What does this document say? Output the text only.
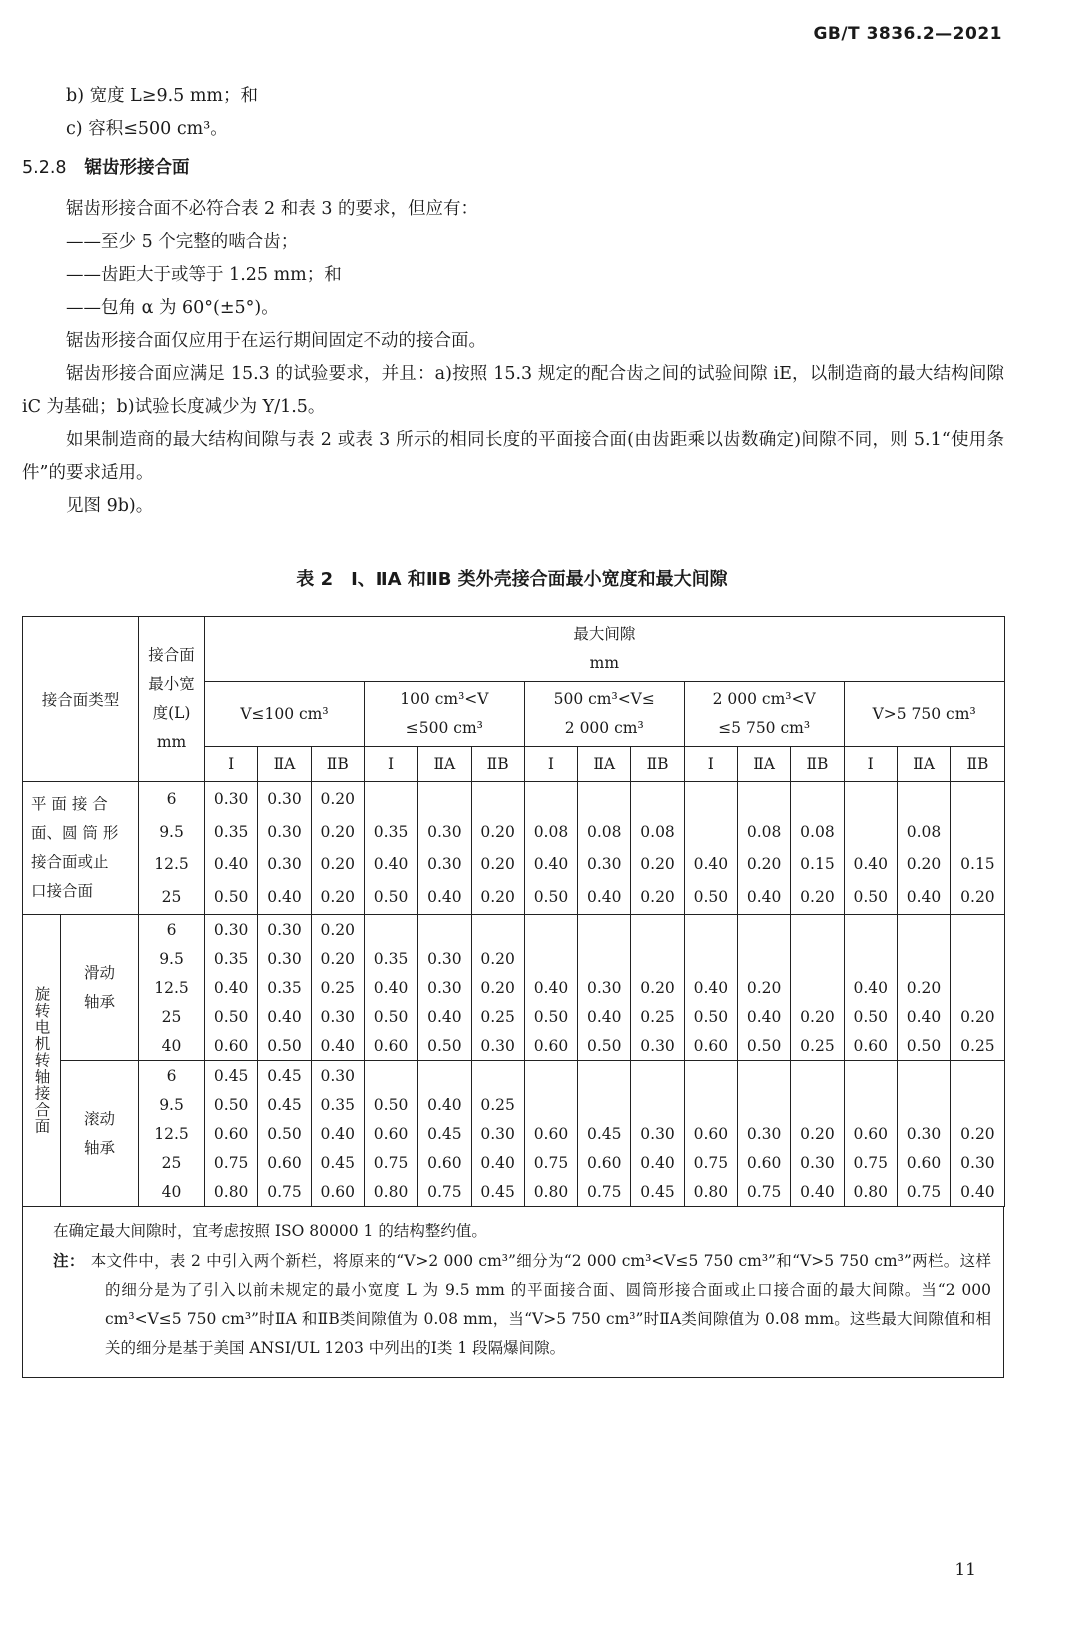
GB/T 3836.2—2021
b) 宽度 L≥9.5 mm；和
c) 容积≤500 cm³。
5.2.8 锯齿形接合面
锯齿形接合面不必符合表 2 和表 3 的要求，但应有：
——至少 5 个完整的啮合齿；
——齿距大于或等于 1.25 mm；和
——包角 α 为 60°(±5°)。
锯齿形接合面仅应用于在运行期间固定不动的接合面。
锯齿形接合面应满足 15.3 的试验要求，并且：a)按照 15.3 规定的配合齿之间的试验间隙 iE，以制造商的最大结构间隙 iC 为基础；b)试验长度减少为 Y/1.5。
如果制造商的最大结构间隙与表 2 或表 3 所示的相同长度的平面接合面(由齿距乘以齿数确定)间隙不同，则 5.1“使用条件”的要求适用。
见图 9b)。
表 2　Ⅰ、ⅡA 和ⅡB 类外壳接合面最小宽度和最大间隙
接合面类型		接合面
最小宽
度(L)
mm	最大间隙
mm														

			V≤100 cm³			100 cm³<V
≤500 cm³			500 cm³<V≤
2 000 cm³			2 000 cm³<V
≤5 750 cm³			V>5 750 cm³		

			Ⅰ	ⅡA	ⅡB	Ⅰ	ⅡA	ⅡB	Ⅰ	ⅡA	ⅡB	Ⅰ	ⅡA	ⅡB	Ⅰ	ⅡA	ⅡB

平 面 接 合
面、圆 筒 形
接合面或止
口接合面		6	0.30	0.30	0.20												
		9.5	0.35	0.30	0.20	0.35	0.30	0.20	0.08	0.08	0.08		0.08	0.08		0.08	
		12.5	0.40	0.30	0.20	0.40	0.30	0.20	0.40	0.30	0.20	0.40	0.20	0.15	0.40	0.20	0.15
		25	0.50	0.40	0.20	0.50	0.40	0.20	0.50	0.40	0.20	0.50	0.40	0.20	0.50	0.40	0.20

旋转电机转轴接合面	滑动轴承	6	0.30	0.30	0.20												
		9.5	0.35	0.30	0.20	0.35	0.30	0.20									
		12.5	0.40	0.35	0.25	0.40	0.30	0.20	0.40	0.30	0.20	0.40	0.20		0.40	0.20	
		25	0.50	0.40	0.30	0.50	0.40	0.25	0.50	0.40	0.25	0.50	0.40	0.20	0.50	0.40	0.20
		40	0.60	0.50	0.40	0.60	0.50	0.30	0.60	0.50	0.30	0.60	0.50	0.25	0.60	0.50	0.25

	滚动轴承	6	0.45	0.45	0.30												
		9.5	0.50	0.45	0.35	0.50	0.40	0.25									
		12.5	0.60	0.50	0.40	0.60	0.45	0.30	0.60	0.45	0.30	0.60	0.30	0.20	0.60	0.30	0.20
		25	0.75	0.60	0.45	0.75	0.60	0.40	0.75	0.60	0.40	0.75	0.60	0.30	0.75	0.60	0.30
		40	0.80	0.75	0.60	0.80	0.75	0.45	0.80	0.75	0.45	0.80	0.75	0.40	0.80	0.75	0.40
在确定最大间隙时，宜考虑按照 ISO 80000 1 的结构整约值。
注： 本文件中，表 2 中引入两个新栏，将原来的“V>2 000 cm³”细分为“2 000 cm³<V≤5 750 cm³”和“V>5 750 cm³”两栏。这样的细分是为了引入以前未规定的最小宽度 L 为 9.5 mm 的平面接合面、圆筒形接合面或止口接合面的最大间隙。当“2 000 cm³<V≤5 750 cm³”时ⅡA 和ⅡB类间隙值为 0.08 mm，当“V>5 750 cm³”时ⅡA类间隙值为 0.08 mm。这些最大间隙值和相关的细分是基于美国 ANSI/UL 1203 中列出的Ⅰ类 1 段隔爆间隙。
11
